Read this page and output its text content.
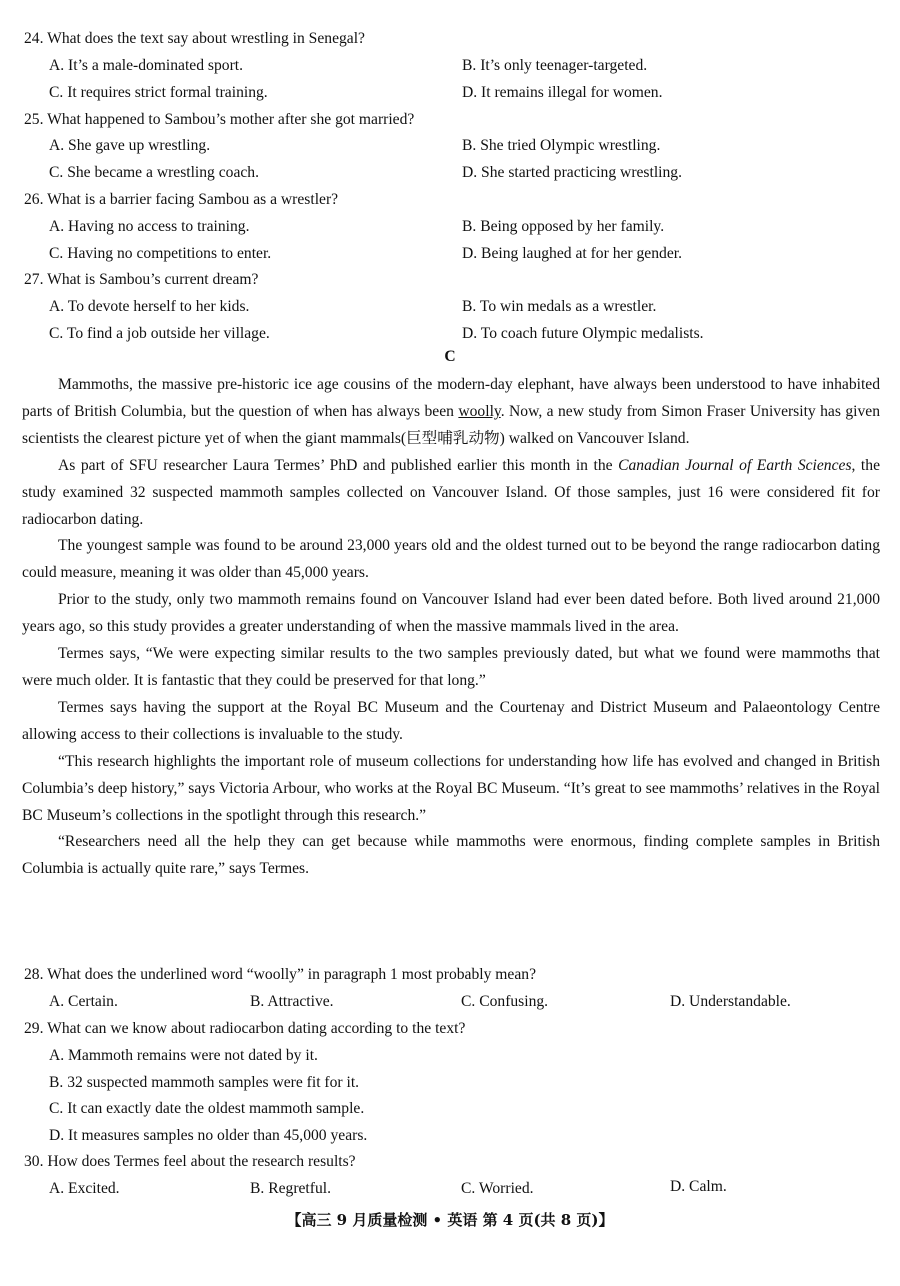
24. What does the text say about wrestling in Senegal?
A. It’s a male-dominated sport.	B. It’s only teenager-targeted.
C. It requires strict formal training.	D. It remains illegal for women.
25. What happened to Sambou’s mother after she got married?
A. She gave up wrestling.	B. She tried Olympic wrestling.
C. She became a wrestling coach.	D. She started practicing wrestling.
26. What is a barrier facing Sambou as a wrestler?
A. Having no access to training.	B. Being opposed by her family.
C. Having no competitions to enter.	D. Being laughed at for her gender.
27. What is Sambou’s current dream?
A. To devote herself to her kids.	B. To win medals as a wrestler.
C. To find a job outside her village.	D. To coach future Olympic medalists.
C

Mammoths, the massive pre-historic ice age cousins of the modern-day elephant, have always been understood to have inhabited parts of British Columbia, but the question of when has always been woolly. Now, a new study from Simon Fraser University has given scientists the clearest picture yet of when the giant mammals(巨型哺乳动物) walked on Vancouver Island.

As part of SFU researcher Laura Termes’ PhD and published earlier this month in the Canadian Journal of Earth Sciences, the study examined 32 suspected mammoth samples collected on Vancouver Island. Of those samples, just 16 were considered fit for radiocarbon dating.

The youngest sample was found to be around 23,000 years old and the oldest turned out to be beyond the range radiocarbon dating could measure, meaning it was older than 45,000 years.

Prior to the study, only two mammoth remains found on Vancouver Island had ever been dated before. Both lived around 21,000 years ago, so this study provides a greater understanding of when the massive mammals lived in the area.

Termes says, “We were expecting similar results to the two samples previously dated, but what we found were mammoths that were much older. It is fantastic that they could be preserved for that long.”

Termes says having the support at the Royal BC Museum and the Courtenay and District Museum and Palaeontology Centre allowing access to their collections is invaluable to the study.

“This research highlights the important role of museum collections for understanding how life has evolved and changed in British Columbia’s deep history,” says Victoria Arbour, who works at the Royal BC Museum. “It’s great to see mammoths’ relatives in the Royal BC Museum’s collections in the spotlight through this research.”

“Researchers need all the help they can get because while mammoths were enormous, finding complete samples in British Columbia is actually quite rare,” says Termes.

28. What does the underlined word “woolly” in paragraph 1 most probably mean?
A. Certain.	B. Attractive.	C. Confusing.	D. Understandable.
29. What can we know about radiocarbon dating according to the text?
A. Mammoth remains were not dated by it.
B. 32 suspected mammoth samples were fit for it.
C. It can exactly date the oldest mammoth sample.
D. It measures samples no older than 45,000 years.
30. How does Termes feel about the research results?
A. Excited.	B. Regretful.	C. Worried.	D. Calm.
【高三 9 月质量检测 • 英语 第 4 页(共 8 页)】
